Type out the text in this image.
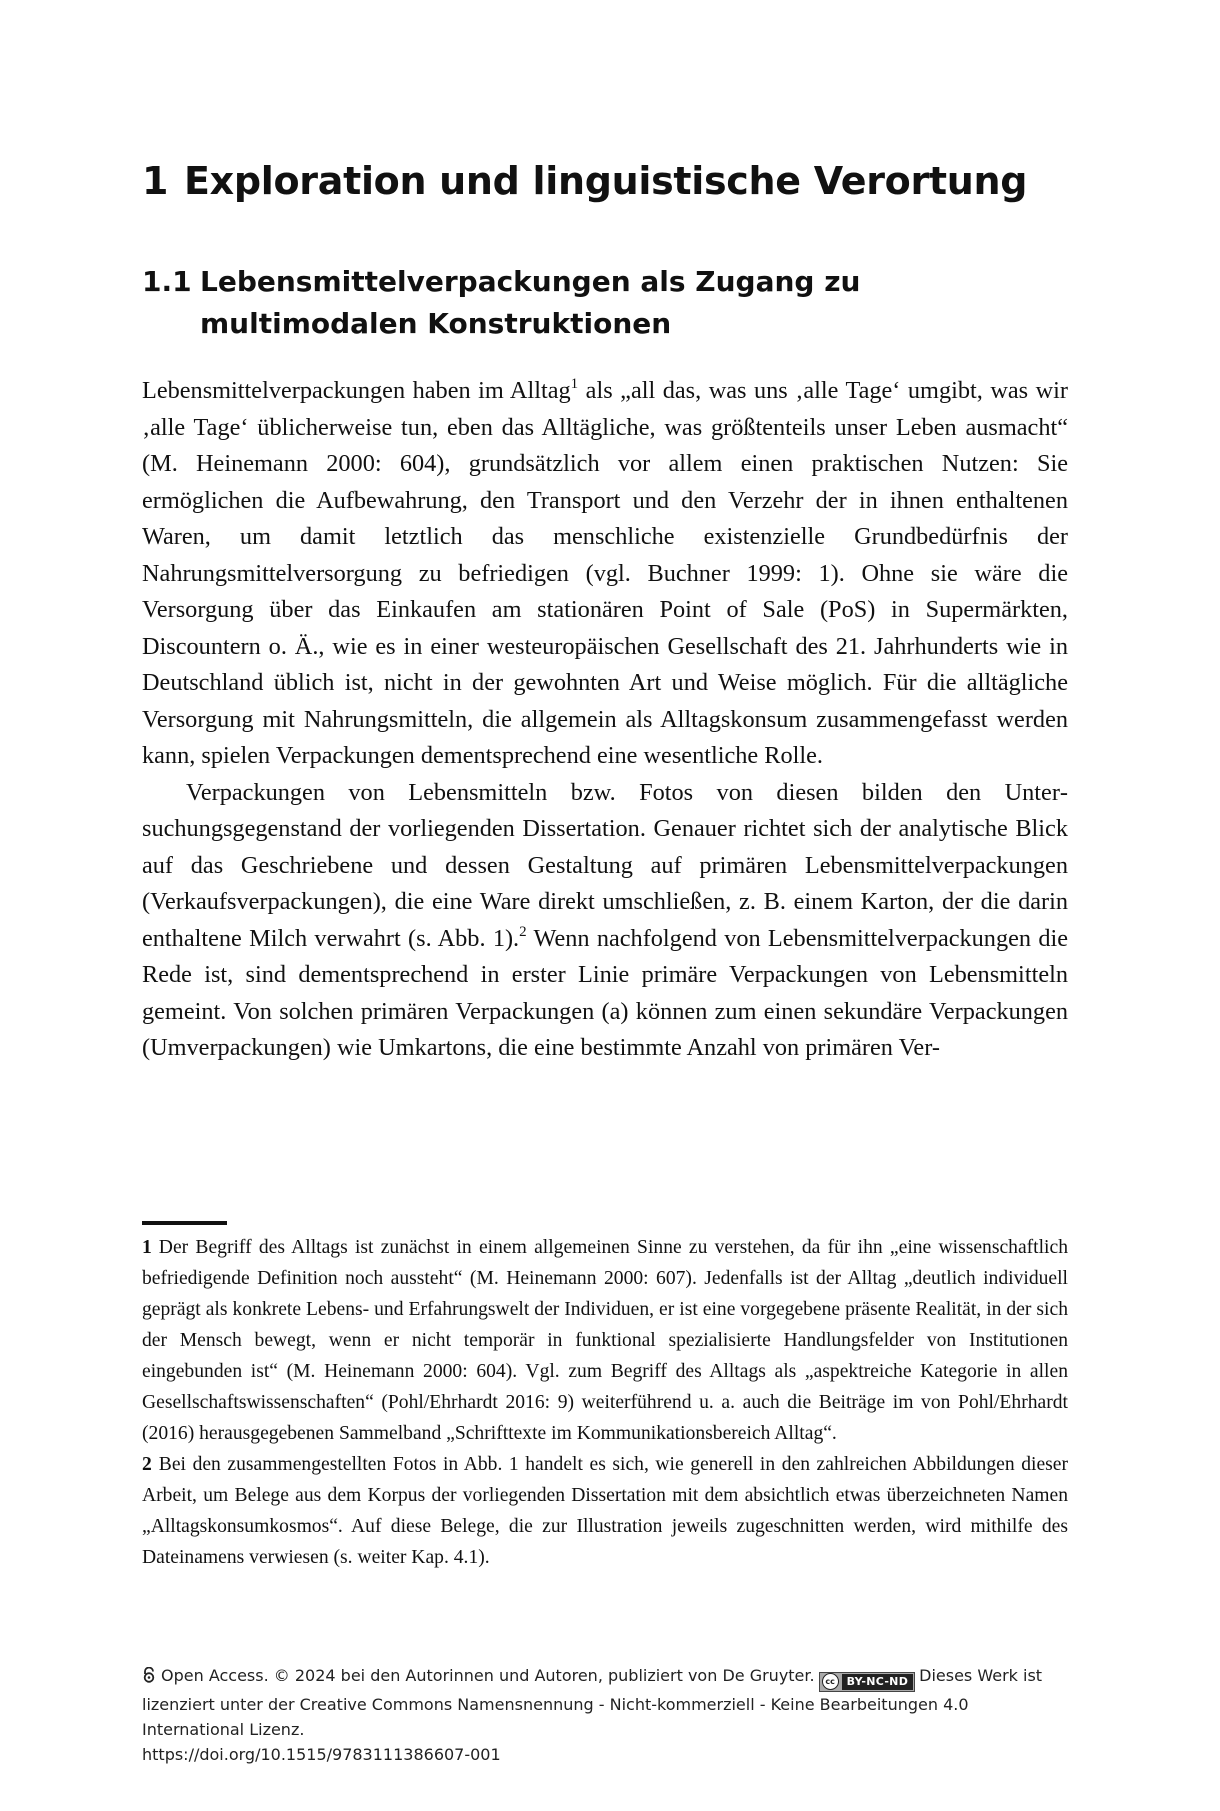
1 Exploration und linguistische Verortung
1.1 Lebensmittelverpackungen als Zugang zu multimodalen Konstruktionen

Lebensmittelverpackungen haben im Alltag$^1$ als „all das, was uns ‚alle Tage‘ umgibt, was wir ‚alle Tage‘ üblicherweise tun, eben das Alltägliche, was größtenteils unser Leben ausmacht“ (M. Heinemann 2000: 604), grundsätzlich vor allem einen praktischen Nutzen: Sie ermöglichen die Aufbewahrung, den Transport und den Verzehr der in ihnen enthaltenen Waren, um damit letztlich das menschliche existenzielle Grundbedürfnis der Nahrungsmittelversorgung zu befriedigen (vgl. Buchner 1999: 1). Ohne sie wäre die Versorgung über das Einkaufen am stationären Point of Sale (PoS) in Supermärkten, Discountern o. Ä., wie es in einer westeuropäischen Gesellschaft des 21. Jahrhunderts wie in Deutschland üblich ist, nicht in der gewohnten Art und Weise möglich. Für die alltägliche Versorgung mit Nahrungsmitteln, die allgemein als Alltagskonsum zusammengefasst werden kann, spielen Verpackungen dementsprechend eine wesentliche Rolle.

Verpackungen von Lebensmitteln bzw. Fotos von diesen bilden den Untersuchungsgegenstand der vorliegenden Dissertation. Genauer richtet sich der analytische Blick auf das Geschriebene und dessen Gestaltung auf primären Lebensmittelverpackungen (Verkaufsverpackungen), die eine Ware direkt umschließen, z. B. einem Karton, der die darin enthaltene Milch verwahrt (s. Abb. 1).$^2$ Wenn nachfolgend von Lebensmittelverpackungen die Rede ist, sind dementsprechend in erster Linie primäre Verpackungen von Lebensmitteln gemeint. Von solchen primären Verpackungen (a) können zum einen sekundäre Verpackungen (Umverpackungen) wie Umkartons, die eine bestimmte Anzahl von primären Ver-

1 Der Begriff des Alltags ist zunächst in einem allgemeinen Sinne zu verstehen, da für ihn „eine wissenschaftlich befriedigende Definition noch aussteht“ (M. Heinemann 2000: 607). Jedenfalls ist der Alltag „deutlich individuell geprägt als konkrete Lebens- und Erfahrungswelt der Individuen, er ist eine vorgegebene präsente Realität, in der sich der Mensch bewegt, wenn er nicht temporär in funktional spezialisierte Handlungsfelder von Institutionen eingebunden ist“ (M. Heinemann 2000: 604). Vgl. zum Begriff des Alltags als „aspektreiche Kategorie in allen Gesellschaftswissenschaften“ (Pohl/Ehrhardt 2016: 9) weiterführend u. a. auch die Beiträge im von Pohl/Ehrhardt (2016) herausgegebenen Sammelband „Schrifttexte im Kommunikationsbereich Alltag“.

2 Bei den zusammengestellten Fotos in Abb. 1 handelt es sich, wie generell in den zahlreichen Abbildungen dieser Arbeit, um Belege aus dem Korpus der vorliegenden Dissertation mit dem absichtlich etwas überzeichneten Namen „Alltagskonsumkosmos“. Auf diese Belege, die zur Illustration jeweils zugeschnitten werden, wird mithilfe des Dateinamens verwiesen (s. weiter Kap. 4.1).

Open Access. © 2024 bei den Autorinnen und Autoren, publiziert von De Gruyter.	cc	BY-NC-ND Dieses Werk ist lizenziert unter der Creative Commons Namensnennung - Nicht-kommerziell - Keine Bearbeitungen 4.0 International Lizenz.

https://doi.org/10.1515/9783111386607-001
